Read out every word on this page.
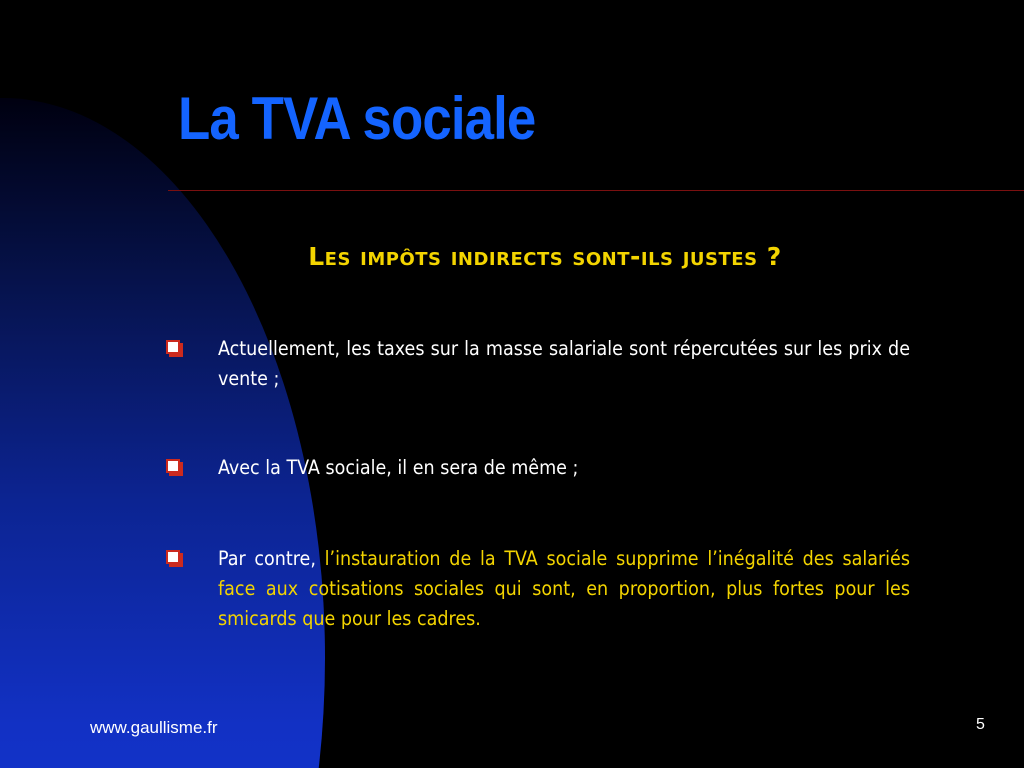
La TVA sociale
Les impôts indirects sont-ils justes ?
Actuellement, les taxes sur la masse salariale sont répercutées sur les prix de vente ;
Avec la TVA sociale, il en sera de même ;
Par contre, l’instauration de la TVA sociale supprime l’inégalité des salariés face aux cotisations sociales qui sont, en proportion, plus fortes pour les smicards que pour les cadres.
www.gaullisme.fr	5
